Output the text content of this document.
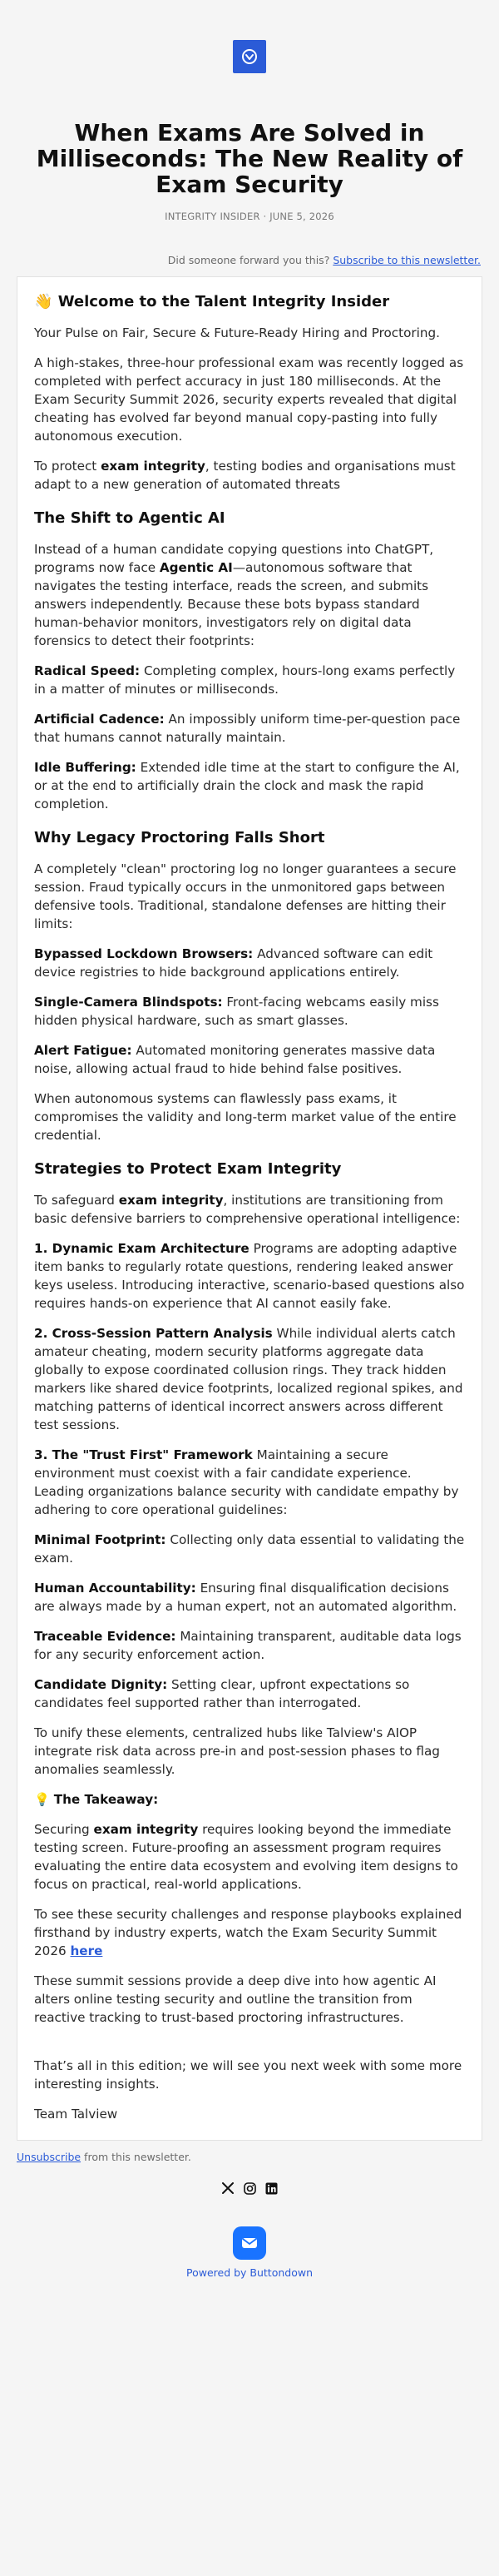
When Exams Are Solved in Milliseconds: The New Reality of Exam Security
INTEGRITY INSIDER · JUNE 5, 2026
Did someone forward you this? Subscribe to this newsletter.
👋 Welcome to the Talent Integrity Insider

Your Pulse on Fair, Secure & Future-Ready Hiring and Proctoring.

A high-stakes, three-hour professional exam was recently logged as completed with perfect accuracy in just 180 milliseconds. At the Exam Security Summit 2026, security experts revealed that digital cheating has evolved far beyond manual copy-pasting into fully autonomous execution.

To protect exam integrity, testing bodies and organisations must adapt to a new generation of automated threats

The Shift to Agentic AI

Instead of a human candidate copying questions into ChatGPT, programs now face Agentic AI—autonomous software that navigates the testing interface, reads the screen, and submits answers independently. Because these bots bypass standard human-behavior monitors, investigators rely on digital data forensics to detect their footprints:

Radical Speed: Completing complex, hours-long exams perfectly in a matter of minutes or milliseconds.

Artificial Cadence: An impossibly uniform time-per-question pace that humans cannot naturally maintain.

Idle Buffering: Extended idle time at the start to configure the AI, or at the end to artificially drain the clock and mask the rapid completion.

Why Legacy Proctoring Falls Short

A completely "clean" proctoring log no longer guarantees a secure session. Fraud typically occurs in the unmonitored gaps between defensive tools. Traditional, standalone defenses are hitting their limits:

Bypassed Lockdown Browsers: Advanced software can edit device registries to hide background applications entirely.

Single-Camera Blindspots: Front-facing webcams easily miss hidden physical hardware, such as smart glasses.

Alert Fatigue: Automated monitoring generates massive data noise, allowing actual fraud to hide behind false positives.

When autonomous systems can flawlessly pass exams, it compromises the validity and long-term market value of the entire credential.

Strategies to Protect Exam Integrity

To safeguard exam integrity, institutions are transitioning from basic defensive barriers to comprehensive operational intelligence:

1. Dynamic Exam Architecture Programs are adopting adaptive item banks to regularly rotate questions, rendering leaked answer keys useless. Introducing interactive, scenario-based questions also requires hands-on experience that AI cannot easily fake.

2. Cross-Session Pattern Analysis While individual alerts catch amateur cheating, modern security platforms aggregate data globally to expose coordinated collusion rings. They track hidden markers like shared device footprints, localized regional spikes, and matching patterns of identical incorrect answers across different test sessions.

3. The "Trust First" Framework Maintaining a secure environment must coexist with a fair candidate experience. Leading organizations balance security with candidate empathy by adhering to core operational guidelines:

Minimal Footprint: Collecting only data essential to validating the exam.

Human Accountability: Ensuring final disqualification decisions are always made by a human expert, not an automated algorithm.

Traceable Evidence: Maintaining transparent, auditable data logs for any security enforcement action.

Candidate Dignity: Setting clear, upfront expectations so candidates feel supported rather than interrogated.

To unify these elements, centralized hubs like Talview's AIOP integrate risk data across pre-in and post-session phases to flag anomalies seamlessly.

💡 The Takeaway:

Securing exam integrity requires looking beyond the immediate testing screen. Future-proofing an assessment program requires evaluating the entire data ecosystem and evolving item designs to focus on practical, real-world applications.

To see these security challenges and response playbooks explained firsthand by industry experts, watch the Exam Security Summit 2026 here

These summit sessions provide a deep dive into how agentic AI alters online testing security and outline the transition from reactive tracking to trust-based proctoring infrastructures.

That’s all in this edition; we will see you next week with some more interesting insights.

Team Talview

Unsubscribe from this newsletter.
Powered by Buttondown
